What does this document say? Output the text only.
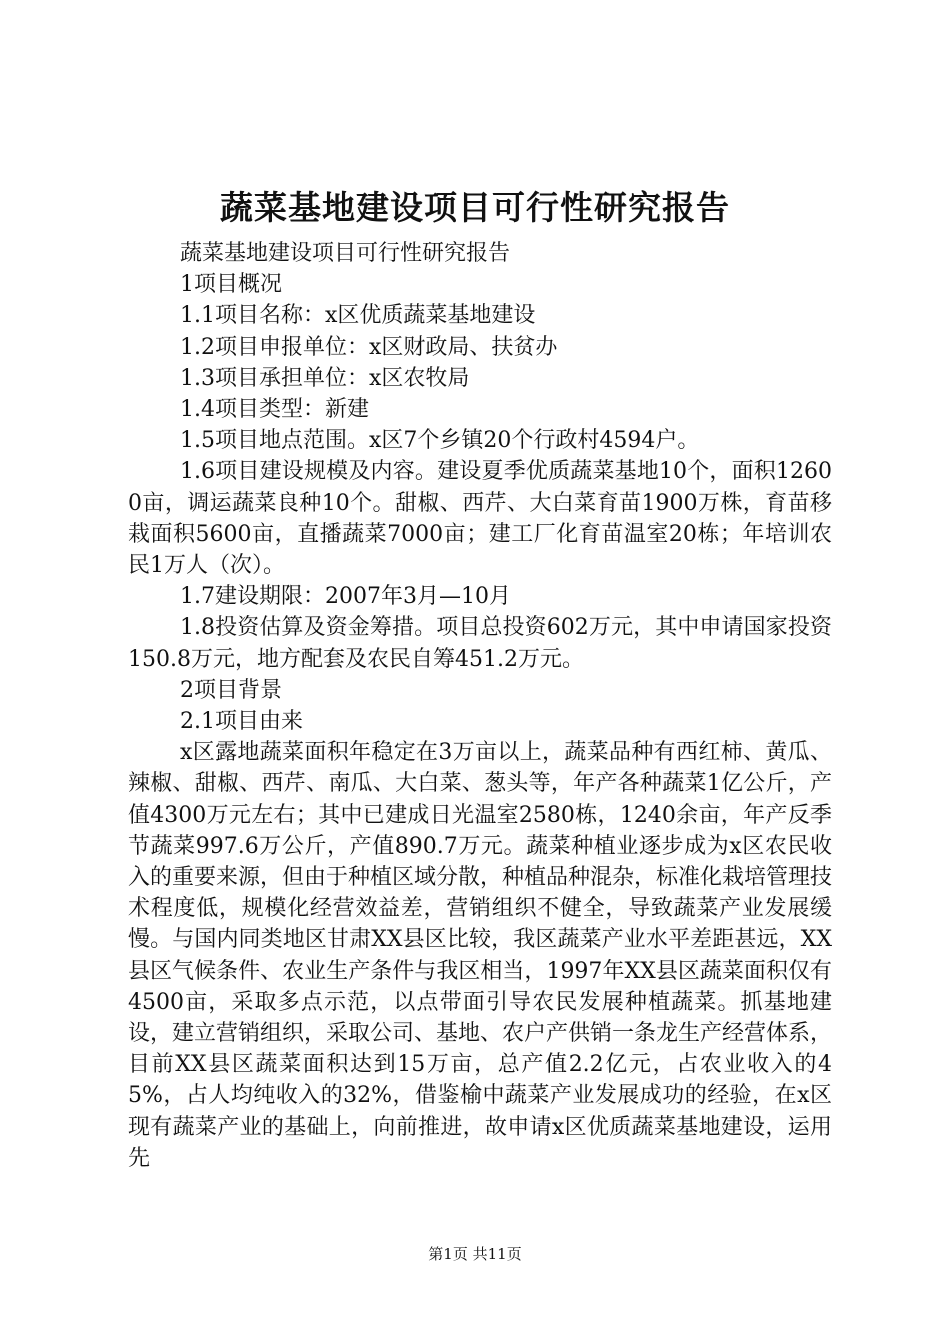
蔬菜基地建设项目可行性研究报告

蔬菜基地建设项目可行性研究报告

1项目概况

1.1项目名称：x区优质蔬菜基地建设

1.2项目申报单位：x区财政局、扶贫办

1.3项目承担单位：x区农牧局

1.4项目类型：新建

1.5项目地点范围。x区7个乡镇20个行政村4594户。

1.6项目建设规模及内容。建设夏季优质蔬菜基地10个，面积12600亩，调运蔬菜良种10个。甜椒、西芹、大白菜育苗1900万株，育苗移栽面积5600亩，直播蔬菜7000亩；建工厂化育苗温室20栋；年培训农民1万人（次）。

1.7建设期限：2007年3月—10月

1.8投资估算及资金筹措。项目总投资602万元，其中申请国家投资150.8万元，地方配套及农民自筹451.2万元。

2项目背景

2.1项目由来

x区露地蔬菜面积年稳定在3万亩以上，蔬菜品种有西红柿、黄瓜、辣椒、甜椒、西芹、南瓜、大白菜、葱头等，年产各种蔬菜1亿公斤，产值4300万元左右；其中已建成日光温室2580栋，1240余亩，年产反季节蔬菜997.6万公斤，产值890.7万元。蔬菜种植业逐步成为x区农民收入的重要来源，但由于种植区域分散，种植品种混杂，标准化栽培管理技术程度低，规模化经营效益差，营销组织不健全，导致蔬菜产业发展缓慢。与国内同类地区甘肃XX县区比较，我区蔬菜产业水平差距甚远，XX县区气候条件、农业生产条件与我区相当，1997年XX县区蔬菜面积仅有4500亩，采取多点示范，以点带面引导农民发展种植蔬菜。抓基地建设，建立营销组织，采取公司、基地、农户产供销一条龙生产经营体系，目前XX县区蔬菜面积达到15万亩，总产值2.2亿元，占农业收入的45%，占人均纯收入的32%，借鉴榆中蔬菜产业发展成功的经验，在x区现有蔬菜产业的基础上，向前推进，故申请x区优质蔬菜基地建设，运用先

第1页 共11页
